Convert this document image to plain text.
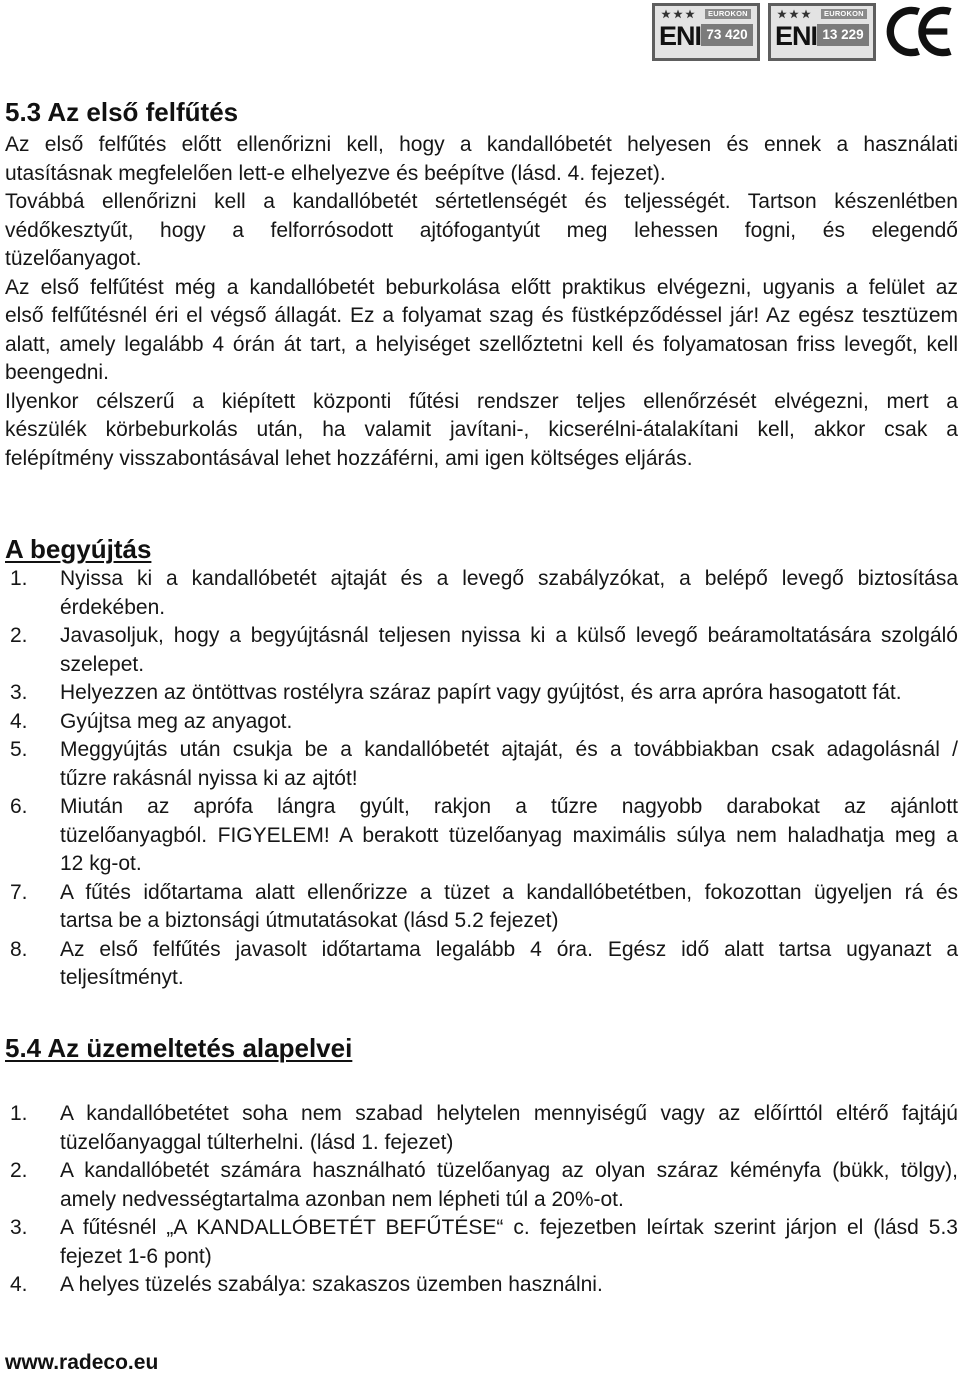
EUROKON
ENI 73 420
EUROKON
ENI 13 229
5.3 Az első felfűtés
Az első felfűtés előtt ellenőrizni kell, hogy a kandallóbetét helyesen és ennek a használati
utasításnak megfelelően lett-e elhelyezve és beépítve (lásd. 4. fejezet).
Továbbá ellenőrizni kell a kandallóbetét sértetlenségét és teljességét. Tartson készenlétben
védőkesztyűt, hogy a felforrósodott ajtófogantyút meg lehessen fogni, és elegendő
tüzelőanyagot.
Az első felfűtést még a kandallóbetét beburkolása előtt praktikus elvégezni, ugyanis a felület az
első felfűtésnél éri el végső állagát. Ez a folyamat szag és füstképződéssel jár! Az egész tesztüzem
alatt, amely legalább 4 órán át tart, a helyiséget szellőztetni kell és folyamatosan friss levegőt, kell
beengedni.
Ilyenkor célszerű a kiépített központi fűtési rendszer teljes ellenőrzését elvégezni, mert a
készülék körbeburkolás után, ha valamit javítani-, kicserélni-átalakítani kell, akkor csak a
felépítmény visszabontásával lehet hozzáférni, ami igen költséges eljárás.
A begyújtás
1.	Nyissa ki a kandallóbetét ajtaját és a levegő szabályzókat, a belépő levegő biztosítása
érdekében.
2.	Javasoljuk, hogy a begyújtásnál teljesen nyissa ki a külső levegő beáramoltatására szolgáló
szelepet.
3.	Helyezzen az öntöttvas rostélyra száraz papírt vagy gyújtóst, és arra apróra hasogatott fát.
4.	Gyújtsa meg az anyagot.
5.	Meggyújtás után csukja be a kandallóbetét ajtaját, és a továbbiakban csak adagolásnál /
tűzre rakásnál nyissa ki az ajtót!
6.	Miután az aprófa lángra gyúlt, rakjon a tűzre nagyobb darabokat az ajánlott
tüzelőanyagból. FIGYELEM! A berakott tüzelőanyag maximális súlya nem haladhatja meg a
12 kg-ot.
7.	A fűtés időtartama alatt ellenőrizze a tüzet a kandallóbetétben, fokozottan ügyeljen rá és
tartsa be a biztonsági útmutatásokat (lásd 5.2 fejezet)
8.	Az első felfűtés javasolt időtartama legalább 4 óra. Egész idő alatt tartsa ugyanazt a
teljesítményt.
5.4 Az üzemeltetés alapelvei
1.	A kandallóbetétet soha nem szabad helytelen mennyiségű vagy az előírttól eltérő fajtájú
tüzelőanyaggal túlterhelni. (lásd 1. fejezet)
2.	A kandallóbetét számára használható tüzelőanyag az olyan száraz kéményfa (bükk, tölgy),
amely nedvességtartalma azonban nem lépheti túl a 20%-ot.
3.	A fűtésnél „A KANDALLÓBETÉT BEFŰTÉSE“ c. fejezetben leírtak szerint járjon el (lásd 5.3
fejezet 1-6 pont)
4.	A helyes tüzelés szabálya: szakaszos üzemben használni.
www.radeco.eu
